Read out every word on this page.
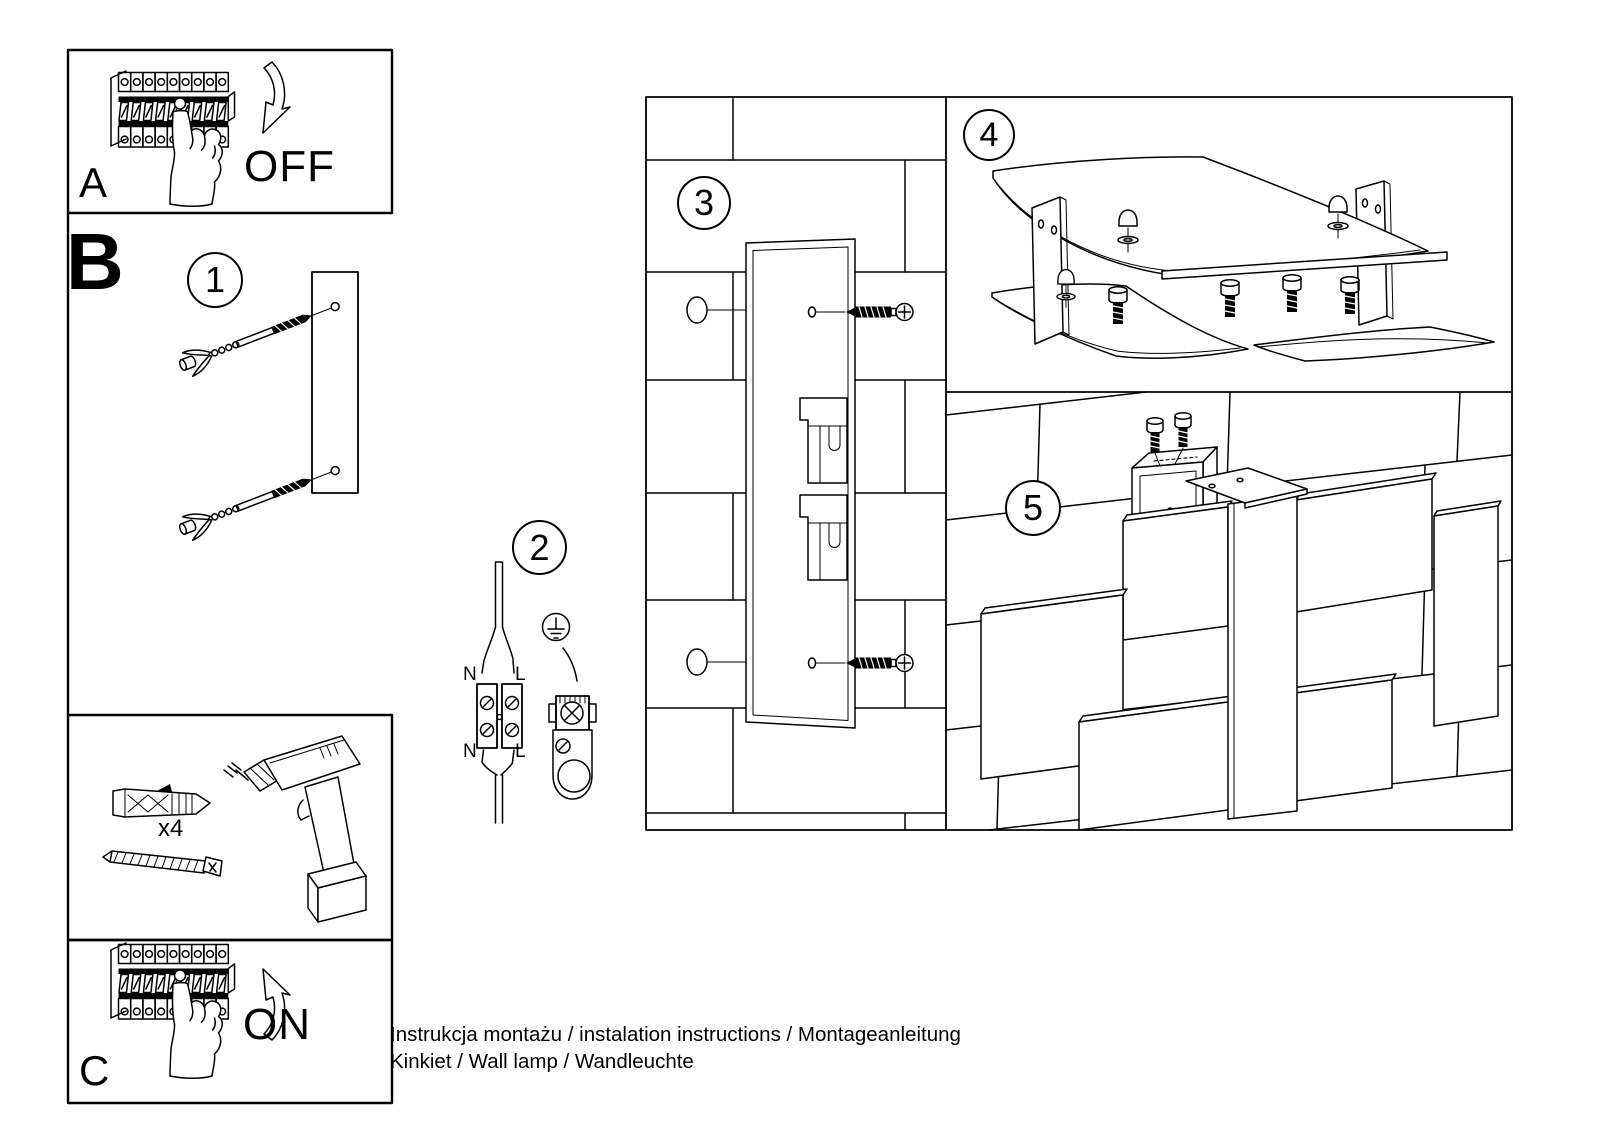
A	OFF
B 1
x4
C
ON
2
N L
N L
3
4
5
Instrukcja montażu / instalation instructions / Montageanleitung
Kinkiet / Wall lamp / Wandleuchte
